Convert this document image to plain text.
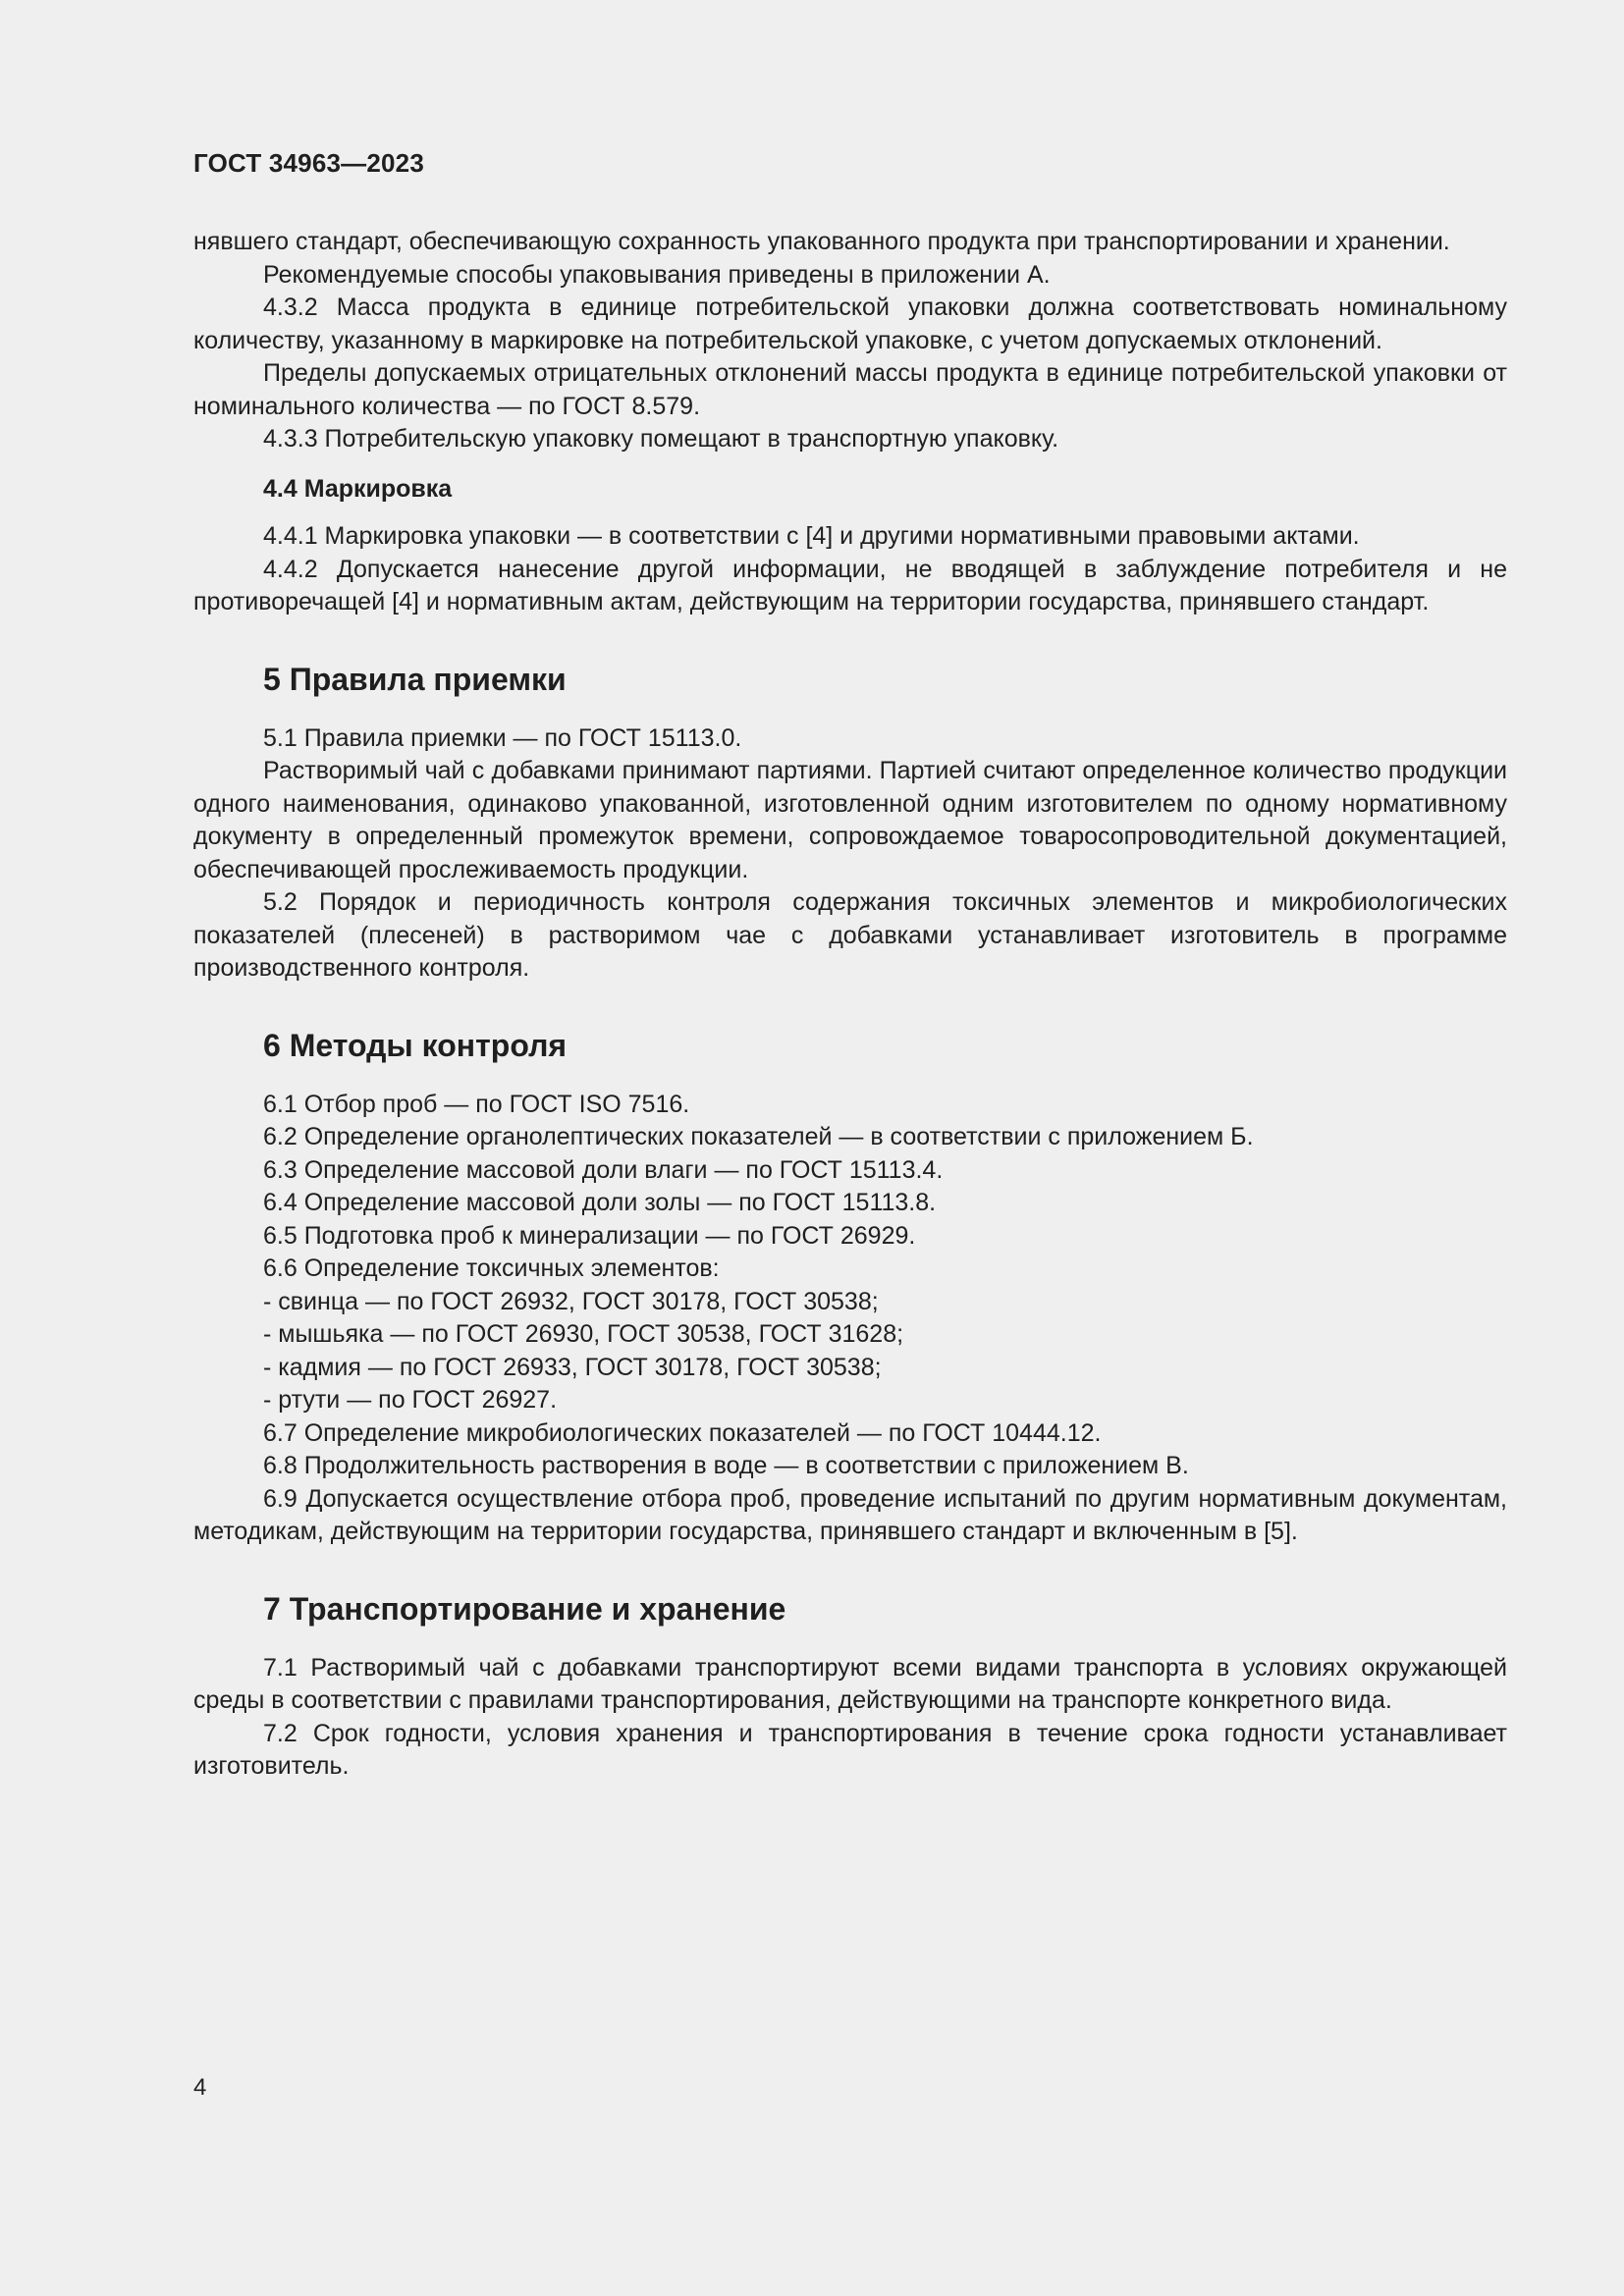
ГОСТ 34963—2023

нявшего стандарт, обеспечивающую сохранность упакованного продукта при транспортировании и хранении.

Рекомендуемые способы упаковывания приведены в приложении А.

4.3.2 Масса продукта в единице потребительской упаковки должна соответствовать номинальному количеству, указанному в маркировке на потребительской упаковке, с учетом допускаемых отклонений.

Пределы допускаемых отрицательных отклонений массы продукта в единице потребительской упаковки от номинального количества — по ГОСТ 8.579.

4.3.3 Потребительскую упаковку помещают в транспортную упаковку.

4.4 Маркировка

4.4.1 Маркировка упаковки — в соответствии с [4] и другими нормативными правовыми актами.

4.4.2 Допускается нанесение другой информации, не вводящей в заблуждение потребителя и не противоречащей [4] и нормативным актам, действующим на территории государства, принявшего стандарт.

5 Правила приемки

5.1 Правила приемки — по ГОСТ 15113.0.

Растворимый чай с добавками принимают партиями. Партией считают определенное количество продукции одного наименования, одинаково упакованной, изготовленной одним изготовителем по одному нормативному документу в определенный промежуток времени, сопровождаемое товаросопроводительной документацией, обеспечивающей прослеживаемость продукции.

5.2 Порядок и периодичность контроля содержания токсичных элементов и микробиологических показателей (плесеней) в растворимом чае с добавками устанавливает изготовитель в программе производственного контроля.

6 Методы контроля

6.1 Отбор проб — по ГОСТ ISO 7516.

6.2 Определение органолептических показателей — в соответствии с приложением Б.

6.3 Определение массовой доли влаги — по ГОСТ 15113.4.

6.4 Определение массовой доли золы — по ГОСТ 15113.8.

6.5 Подготовка проб к минерализации — по ГОСТ 26929.

6.6 Определение токсичных элементов:

- свинца — по ГОСТ 26932, ГОСТ 30178, ГОСТ 30538;

- мышьяка — по ГОСТ 26930, ГОСТ 30538, ГОСТ 31628;

- кадмия — по ГОСТ 26933, ГОСТ 30178, ГОСТ 30538;

- ртути — по ГОСТ 26927.

6.7 Определение микробиологических показателей — по ГОСТ 10444.12.

6.8 Продолжительность растворения в воде — в соответствии с приложением В.

6.9 Допускается осуществление отбора проб, проведение испытаний по другим нормативным документам, методикам, действующим на территории государства, принявшего стандарт и включенным в [5].

7 Транспортирование и хранение

7.1 Растворимый чай с добавками транспортируют всеми видами транспорта в условиях окружающей среды в соответствии с правилами транспортирования, действующими на транспорте конкретного вида.

7.2 Срок годности, условия хранения и транспортирования в течение срока годности устанавливает изготовитель.

4
